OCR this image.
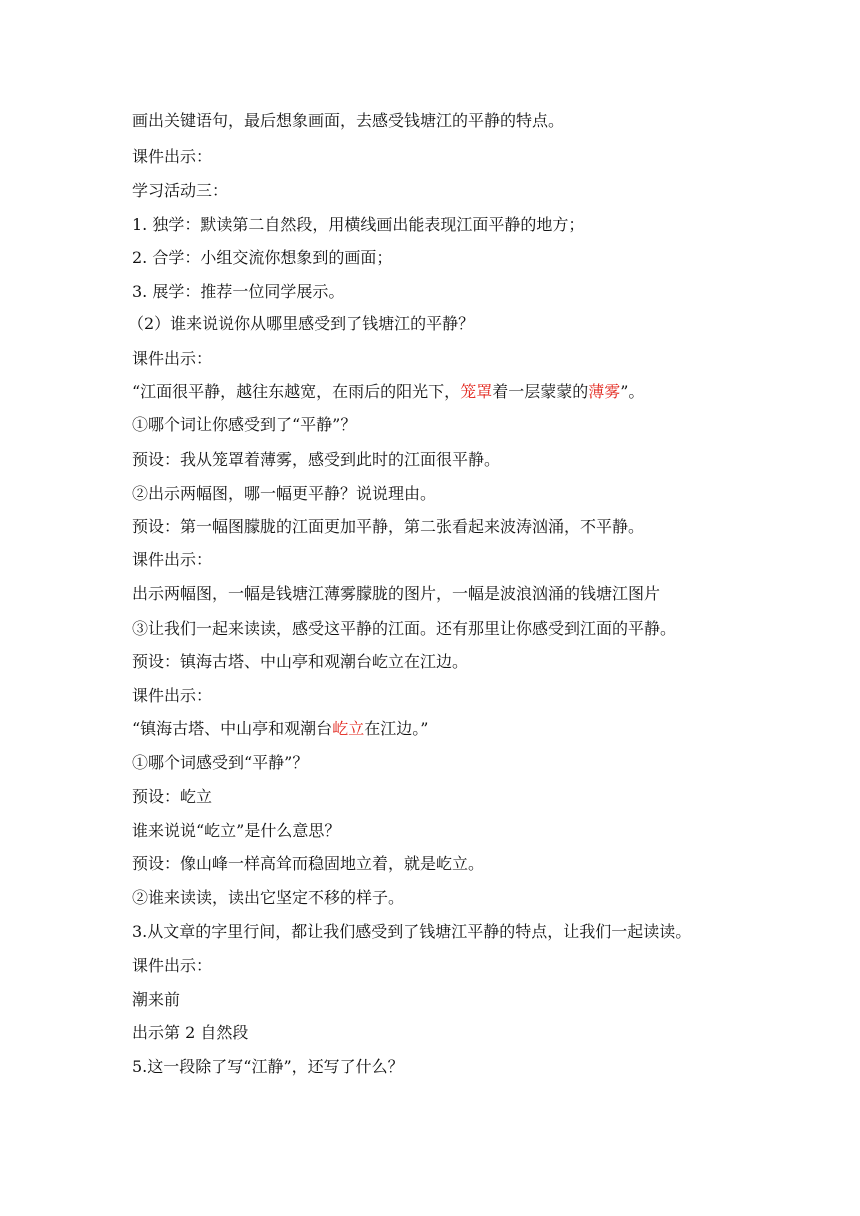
画出关键语句，最后想象画面，去感受钱塘江的平静的特点。
课件出示：
学习活动三：
1. 独学：默读第二自然段，用横线画出能表现江面平静的地方；
2. 合学：小组交流你想象到的画面；
3. 展学：推荐一位同学展示。
（2）谁来说说你从哪里感受到了钱塘江的平静？
课件出示：
“江面很平静，越往东越宽，在雨后的阳光下，笼罩着一层蒙蒙的薄雾”。
①哪个词让你感受到了“平静”？
预设：我从笼罩着薄雾，感受到此时的江面很平静。
②出示两幅图，哪一幅更平静？说说理由。
预设：第一幅图朦胧的江面更加平静，第二张看起来波涛汹涌，不平静。
课件出示：
出示两幅图，一幅是钱塘江薄雾朦胧的图片，一幅是波浪汹涌的钱塘江图片
③让我们一起来读读，感受这平静的江面。还有那里让你感受到江面的平静。
预设：镇海古塔、中山亭和观潮台屹立在江边。
课件出示：
“镇海古塔、中山亭和观潮台屹立在江边。”
①哪个词感受到“平静”？
预设：屹立
谁来说说“屹立”是什么意思？
预设：像山峰一样高耸而稳固地立着，就是屹立。
②谁来读读，读出它坚定不移的样子。
3.从文章的字里行间，都让我们感受到了钱塘江平静的特点，让我们一起读读。
课件出示：
潮来前
出示第 2 自然段
5.这一段除了写“江静”，还写了什么？
